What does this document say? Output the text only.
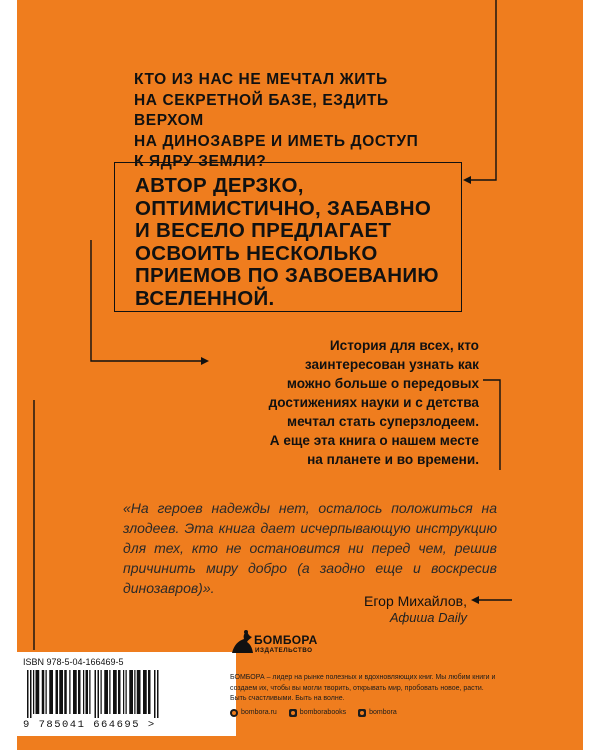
КТО ИЗ НАС НЕ МЕЧТАЛ ЖИТЬ
НА СЕКРЕТНОЙ БАЗЕ, ЕЗДИТЬ ВЕРХОМ
НА ДИНОЗАВРЕ И ИМЕТЬ ДОСТУП
К ЯДРУ ЗЕМЛИ?
АВТОР ДЕРЗКО,
ОПТИМИСТИЧНО, ЗАБАВНО
И ВЕСЕЛО ПРЕДЛАГАЕТ
ОСВОИТЬ НЕСКОЛЬКО
ПРИЕМОВ ПО ЗАВОЕВАНИЮ
ВСЕЛЕННОЙ.
История для всех, кто
заинтересован узнать как
можно больше о передовых
достижениях науки и с детства
мечтал стать суперзлодеем.
А еще эта книга о нашем месте
на планете и во времени.

«На героев надежды нет, осталось положиться на злодеев. Эта книга дает исчерпывающую инструкцию для тех, кто не остановится ни перед чем, решив причинить миру добро (а заодно еще и воскресив динозавров)».

Егор Михайлов,

Афиша Daily

ISBN 978-5-04-166469-5

9 785041 664695 >

БОМБОРА

ИЗДАТЕЛЬСТВО

БОМБОРА – лидер на рынке полезных и вдохновляющих книг. Мы любим книги и создаем их, чтобы вы могли творить, открывать мир, пробовать новое, расти. Быть счастливыми. Быть на волне.

bombora.ru	bomborabooks	bombora
